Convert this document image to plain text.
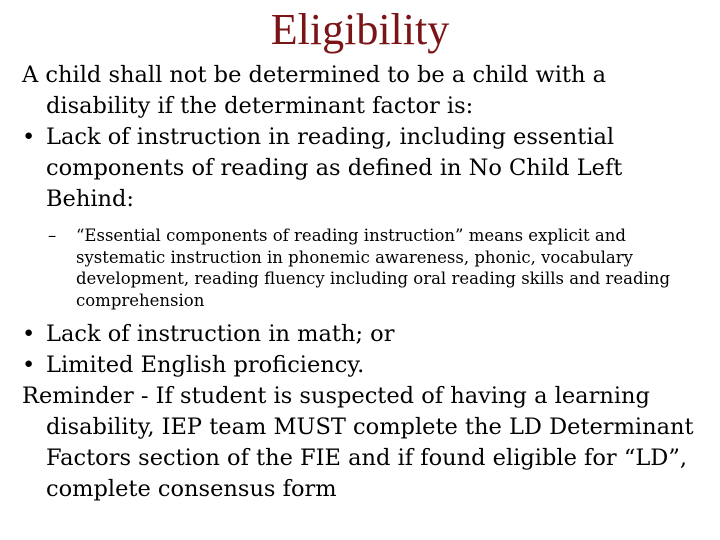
Eligibility

A child shall not be determined to be a child with a disability if the determinant factor is:

• Lack of instruction in reading, including essential components of reading as defined in No Child Left Behind:

– “Essential components of reading instruction” means explicit and systematic instruction in phonemic awareness, phonic, vocabulary development, reading fluency including oral reading skills and reading comprehension

• Lack of instruction in math; or

• Limited English proficiency.

Reminder - If student is suspected of having a learning disability, IEP team MUST complete the LD Determinant Factors section of the FIE and if found eligible for “LD”, complete consensus form
